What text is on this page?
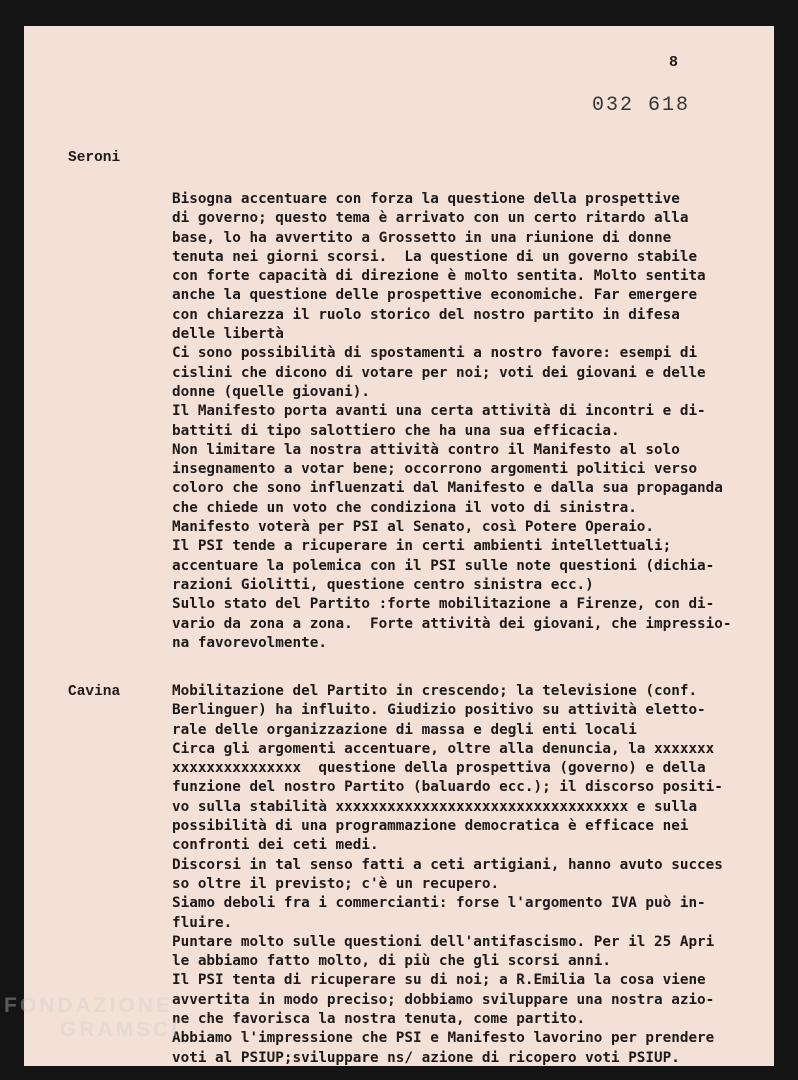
8
032 618
Seroni
Bisogna accentuare con forza la questione della prospettive
di governo; questo tema è arrivato con un certo ritardo alla
base, lo ha avvertito a Grossetto in una riunione di donne
tenuta nei giorni scorsi.  La questione di un governo stabile
con forte capacità di direzione è molto sentita. Molto sentita
anche la questione delle prospettive economiche. Far emergere
con chiarezza il ruolo storico del nostro partito in difesa
delle libertà
Ci sono possibilità di spostamenti a nostro favore: esempi di
cislini che dicono di votare per noi; voti dei giovani e delle
donne (quelle giovani).
Il Manifesto porta avanti una certa attività di incontri e di-
battiti di tipo salottiero che ha una sua efficacia.
Non limitare la nostra attività contro il Manifesto al solo
insegnamento a votar bene; occorrono argomenti politici verso
coloro che sono influenzati dal Manifesto e dalla sua propaganda
che chiede un voto che condiziona il voto di sinistra.
Manifesto voterà per PSI al Senato, così Potere Operaio.
Il PSI tende a ricuperare in certi ambienti intellettuali;
accentuare la polemica con il PSI sulle note questioni (dichia-
razioni Giolitti, questione centro sinistra ecc.)
Sullo stato del Partito :forte mobilitazione a Firenze, con di-
vario da zona a zona.  Forte attività dei giovani, che impressio-
na favorevolmente.
Cavina	Mobilitazione del Partito in crescendo; la televisione (conf.
Berlinguer) ha influito. Giudizio positivo su attività eletto-
rale delle organizzazione di massa e degli enti locali
Circa gli argomenti accentuare, oltre alla denuncia, la xxxxxxx
xxxxxxxxxxxxxxx  questione della prospettiva (governo) e della
funzione del nostro Partito (baluardo ecc.); il discorso positi-
vo sulla stabilità xxxxxxxxxxxxxxxxxxxxxxxxxxxxxxxxxx e sulla
possibilità di una programmazione democratica è efficace nei
confronti dei ceti medi.
Discorsi in tal senso fatti a ceti artigiani, hanno avuto succes
so oltre il previsto; c'è un recupero.
Siamo deboli fra i commercianti: forse l'argomento IVA può in-
fluire.
Puntare molto sulle questioni dell'antifascismo. Per il 25 Apri
le abbiamo fatto molto, di più che gli scorsi anni.
Il PSI tenta di ricuperare su di noi; a R.Emilia la cosa viene
avvertita in modo preciso; dobbiamo sviluppare una nostra azio-
ne che favorisca la nostra tenuta, come partito.
Abbiamo l'impressione che PSI e Manifesto lavorino per prendere
voti al PSIUP;sviluppare ns/ azione di ricopero voti PSIUP.
FONDAZIONE
GRAMSCI
